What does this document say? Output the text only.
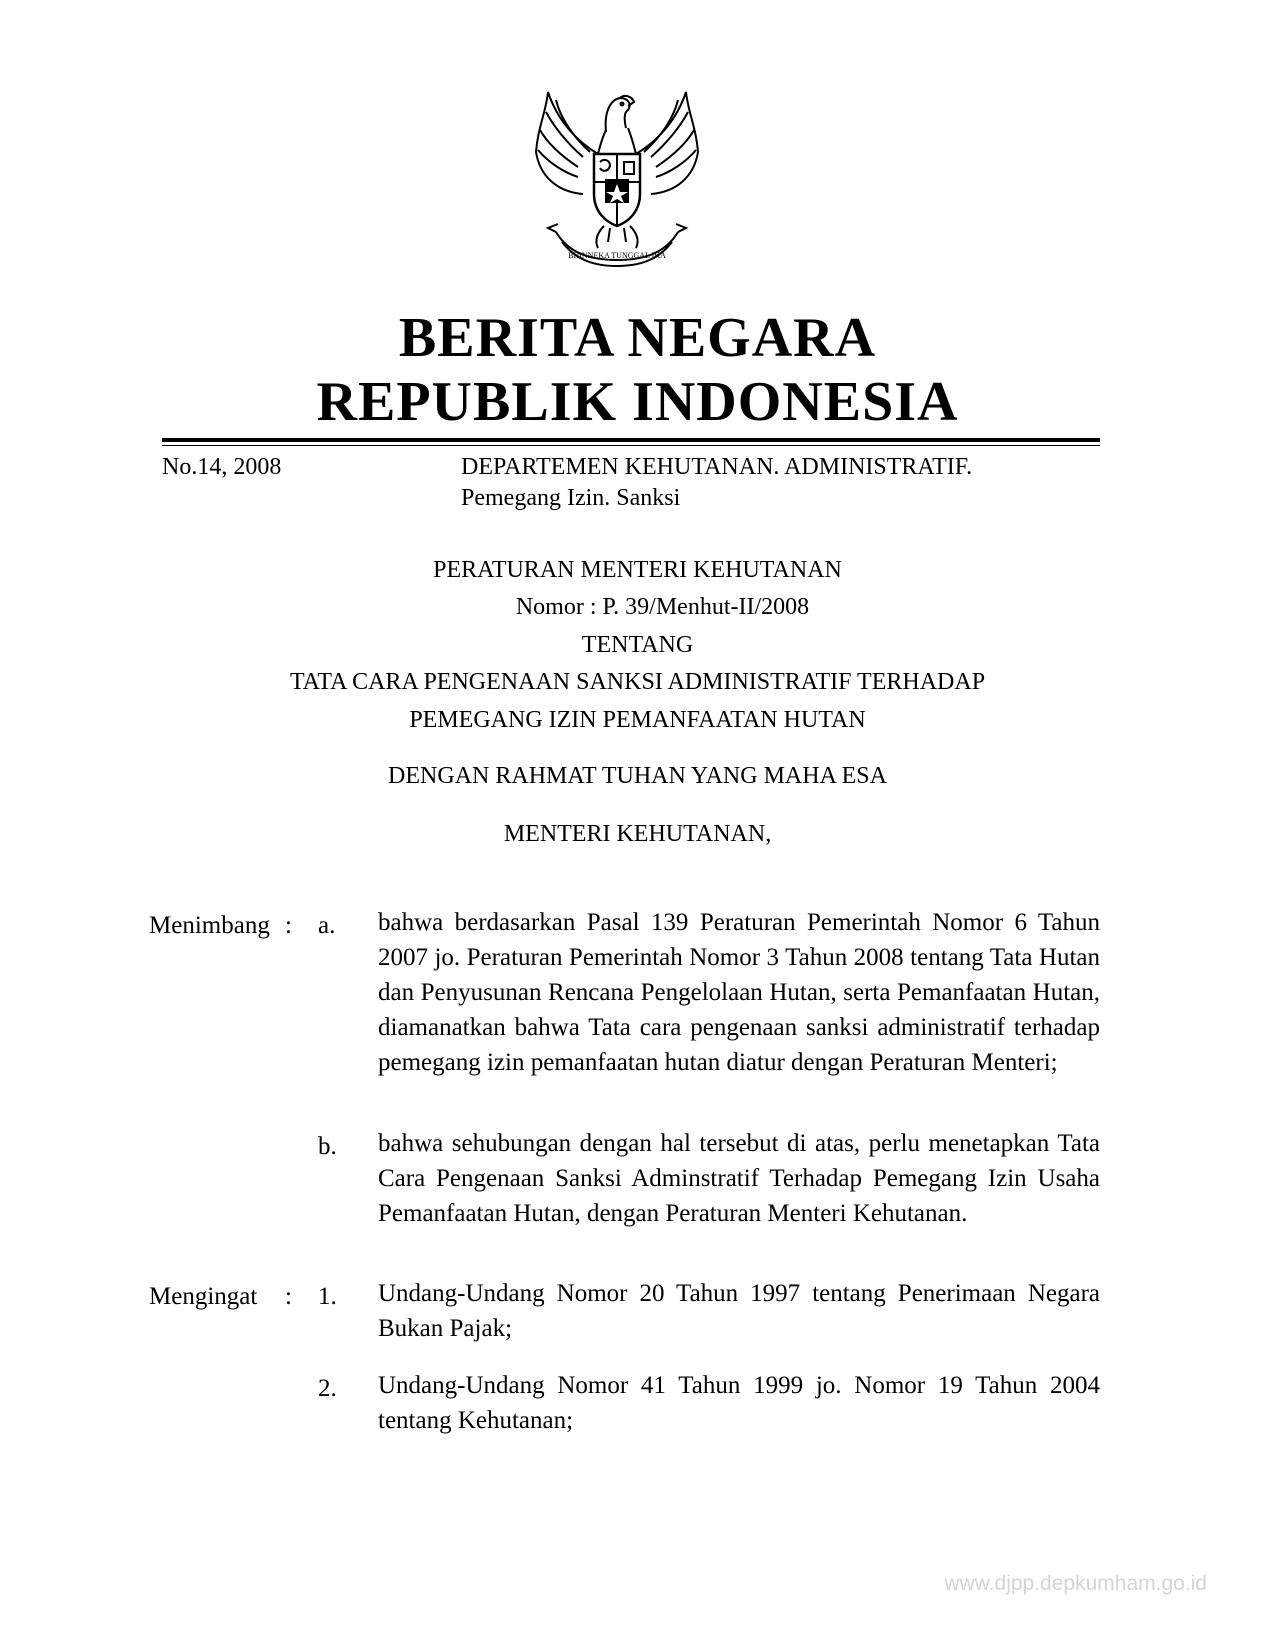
BHINNEKA TUNGGAL IKA
BERITA NEGARA
REPUBLIK INDONESIA
No.14, 2008	DEPARTEMEN KEHUTANAN. ADMINISTRATIF.
Pemegang Izin. Sanksi
PERATURAN MENTERI KEHUTANAN
Nomor : P. 39/Menhut-II/2008
TENTANG
TATA CARA PENGENAAN SANKSI ADMINISTRATIF TERHADAP
PEMEGANG IZIN PEMANFAATAN HUTAN
DENGAN RAHMAT TUHAN YANG MAHA ESA
MENTERI KEHUTANAN,
Menimbang : a. bahwa berdasarkan Pasal 139 Peraturan Pemerintah Nomor 6 Tahun 2007 jo. Peraturan Pemerintah Nomor 3 Tahun 2008 tentang Tata Hutan dan Penyusunan Rencana Pengelolaan Hutan, serta Pemanfaatan Hutan, diamanatkan bahwa Tata cara pengenaan sanksi administratif terhadap pemegang izin pemanfaatan hutan diatur dengan Peraturan Menteri;
b. bahwa sehubungan dengan hal tersebut di atas, perlu menetapkan Tata Cara Pengenaan Sanksi Adminstratif Terhadap Pemegang Izin Usaha Pemanfaatan Hutan, dengan Peraturan Menteri Kehutanan.
Mengingat : 1. Undang-Undang Nomor 20 Tahun 1997 tentang Penerimaan Negara Bukan Pajak;
2. Undang-Undang Nomor 41 Tahun 1999 jo. Nomor 19 Tahun 2004 tentang Kehutanan;
www.djpp.depkumham.go.id
